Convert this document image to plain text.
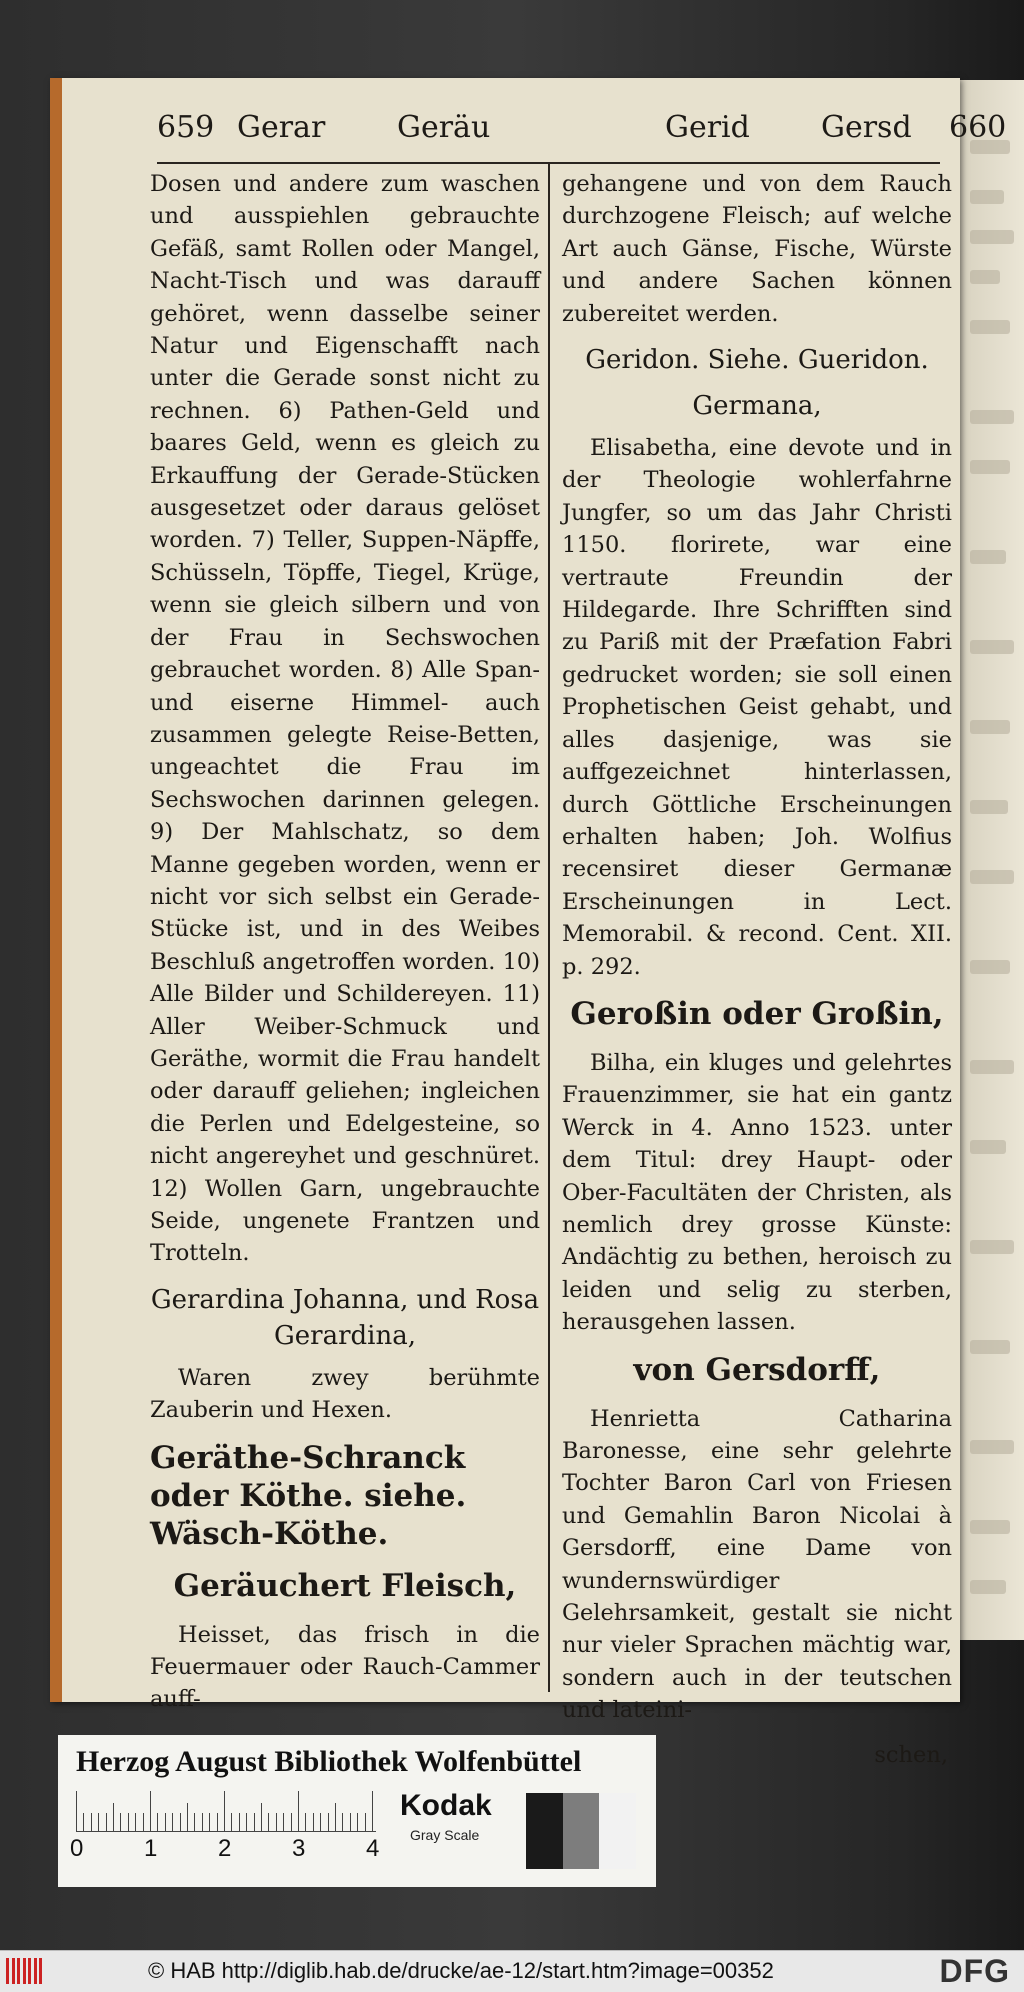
659 Gerar Geräu	Gerid Gersd 660

Dosen und andere zum waschen und ausspiehlen gebrauchte Gefäß, samt Rollen oder Mangel, Nacht-Tisch und was darauff gehöret, wenn dasselbe seiner Natur und Eigenschafft nach unter die Gerade sonst nicht zu rechnen. 6) Pathen-Geld und baares Geld, wenn es gleich zu Erkauffung der Gerade-Stücken ausgesetzet oder daraus gelöset worden. 7) Teller, Suppen-Näpffe, Schüsseln, Töpffe, Tiegel, Krüge, wenn sie gleich silbern und von der Frau in Sechswochen gebrauchet worden. 8) Alle Span- und eiserne Himmel- auch zusammen gelegte Reise-Betten, ungeachtet die Frau im Sechswochen darinnen gelegen. 9) Der Mahlschatz, so dem Manne gegeben worden, wenn er nicht vor sich selbst ein Gerade-Stücke ist, und in des Weibes Beschluß angetroffen worden. 10) Alle Bilder und Schildereyen. 11) Aller Weiber-Schmuck und Geräthe, wormit die Frau handelt oder darauff geliehen; ingleichen die Perlen und Edelgesteine, so nicht angereyhet und geschnüret. 12) Wollen Garn, ungebrauchte Seide, ungenete Frantzen und Trotteln.

Gerardina Johanna, und Rosa Gerardina,

Waren zwey berühmte Zauberin und Hexen.

Geräthe-Schranck oder Köthe. siehe. Wäsch-Köthe.
Geräuchert Fleisch,

Heisset, das frisch in die Feuermauer oder Rauch-Cammer auff-

gehangene und von dem Rauch durchzogene Fleisch; auf welche Art auch Gänse, Fische, Würste und andere Sachen können zubereitet werden.

Geridon. Siehe. Gueridon.
Germana,

Elisabetha, eine devote und in der Theologie wohlerfahrne Jungfer, so um das Jahr Christi 1150. florirete, war eine vertraute Freundin der Hildegarde. Ihre Schrifften sind zu Pariß mit der Præfation Fabri gedrucket worden; sie soll einen Prophetischen Geist gehabt, und alles dasjenige, was sie auffgezeichnet hinterlassen, durch Göttliche Erscheinungen erhalten haben; Joh. Wolfius recensiret dieser Germanæ Erscheinungen in Lect. Memorabil. & recond. Cent. XII. p. 292.

Geroßin oder Großin,

Bilha, ein kluges und gelehrtes Frauenzimmer, sie hat ein gantz Werck in 4. Anno 1523. unter dem Titul: drey Haupt- oder Ober-Facultäten der Christen, als nemlich drey grosse Künste: Andächtig zu bethen, heroisch zu leiden und selig zu sterben, herausgehen lassen.

von Gersdorff,

Henrietta Catharina Baronesse, eine sehr gelehrte Tochter Baron Carl von Friesen und Gemahlin Baron Nicolai à Gersdorff, eine Dame von wundernswürdiger Gelehrsamkeit, gestalt sie nicht nur vieler Sprachen mächtig war, sondern auch in der teutschen und lateini-

schen,

Herzog August Bibliothek Wolfenbüttel
0	1	2	3	4
Kodak
Gray Scale
© HAB http://diglib.hab.de/drucke/ae-12/start.htm?image=00352	DFG
